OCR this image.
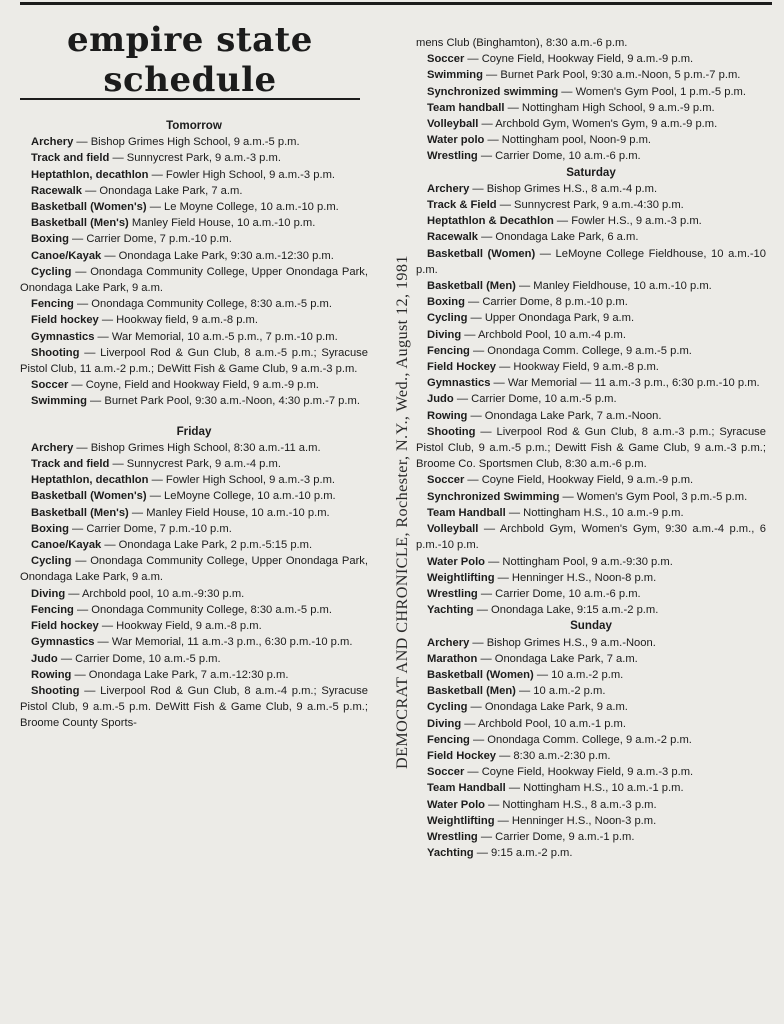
empire state
schedule
Tomorrow
Archery — Bishop Grimes High School, 9 a.m.-5 p.m.
Track and field — Sunnycrest Park, 9 a.m.-3 p.m.
Heptathlon, decathlon — Fowler High School, 9 a.m.-3 p.m.
Racewalk — Onondaga Lake Park, 7 a.m.
Basketball (Women's) — Le Moyne College, 10 a.m.-10 p.m.
Basketball (Men's) Manley Field House, 10 a.m.-10 p.m.
Boxing — Carrier Dome, 7 p.m.-10 p.m.
Canoe/Kayak — Onondaga Lake Park, 9:30 a.m.-12:30 p.m.
Cycling — Onondaga Community College, Upper Onondaga Park, Onondaga Lake Park, 9 a.m.
Fencing — Onondaga Community College, 8:30 a.m.-5 p.m.
Field hockey — Hookway field, 9 a.m.-8 p.m.
Gymnastics — War Memorial, 10 a.m.-5 p.m., 7 p.m.-10 p.m.
Shooting — Liverpool Rod & Gun Club, 8 a.m.-5 p.m.; Syracuse Pistol Club, 11 a.m.-2 p.m.; DeWitt Fish & Game Club, 9 a.m.-3 p.m.
Soccer — Coyne, Field and Hookway Field, 9 a.m.-9 p.m.
Swimming — Burnet Park Pool, 9:30 a.m.-Noon, 4:30 p.m.-7 p.m.
Friday
Archery — Bishop Grimes High School, 8:30 a.m.-11 a.m.
Track and field — Sunnycrest Park, 9 a.m.-4 p.m.
Heptathlon, decathlon — Fowler High School, 9 a.m.-3 p.m.
Basketball (Women's) — LeMoyne College, 10 a.m.-10 p.m.
Basketball (Men's) — Manley Field House, 10 a.m.-10 p.m.
Boxing — Carrier Dome, 7 p.m.-10 p.m.
Canoe/Kayak — Onondaga Lake Park, 2 p.m.-5:15 p.m.
Cycling — Onondaga Community College, Upper Onondaga Park, Onondaga Lake Park, 9 a.m.
Diving — Archbold pool, 10 a.m.-9:30 p.m.
Fencing — Onondaga Community College, 8:30 a.m.-5 p.m.
Field hockey — Hookway Field, 9 a.m.-8 p.m.
Gymnastics — War Memorial, 11 a.m.-3 p.m., 6:30 p.m.-10 p.m.
Judo — Carrier Dome, 10 a.m.-5 p.m.
Rowing — Onondaga Lake Park, 7 a.m.-12:30 p.m.
Shooting — Liverpool Rod & Gun Club, 8 a.m.-4 p.m.; Syracuse Pistol Club, 9 a.m.-5 p.m. DeWitt Fish & Game Club, 9 a.m.-5 p.m.; Broome County Sports-
mens Club (Binghamton), 8:30 a.m.-6 p.m.
Soccer — Coyne Field, Hookway Field, 9 a.m.-9 p.m.
Swimming — Burnet Park Pool, 9:30 a.m.-Noon, 5 p.m.-7 p.m.
Synchronized swimming — Women's Gym Pool, 1 p.m.-5 p.m.
Team handball — Nottingham High School, 9 a.m.-9 p.m.
Volleyball — Archbold Gym, Women's Gym, 9 a.m.-9 p.m.
Water polo — Nottingham pool, Noon-9 p.m.
Wrestling — Carrier Dome, 10 a.m.-6 p.m.
Saturday
Archery — Bishop Grimes H.S., 8 a.m.-4 p.m.
Track & Field — Sunnycrest Park, 9 a.m.-4:30 p.m.
Heptathlon & Decathlon — Fowler H.S., 9 a.m.-3 p.m.
Racewalk — Onondaga Lake Park, 6 a.m.
Basketball (Women) — LeMoyne College Fieldhouse, 10 a.m.-10 p.m.
Basketball (Men) — Manley Fieldhouse, 10 a.m.-10 p.m.
Boxing — Carrier Dome, 8 p.m.-10 p.m.
Cycling — Upper Onondaga Park, 9 a.m.
Diving — Archbold Pool, 10 a.m.-4 p.m.
Fencing — Onondaga Comm. College, 9 a.m.-5 p.m.
Field Hockey — Hookway Field, 9 a.m.-8 p.m.
Gymnastics — War Memorial — 11 a.m.-3 p.m., 6:30 p.m.-10 p.m.
Judo — Carrier Dome, 10 a.m.-5 p.m.
Rowing — Onondaga Lake Park, 7 a.m.-Noon.
Shooting — Liverpool Rod & Gun Club, 8 a.m.-3 p.m.; Syracuse Pistol Club, 9 a.m.-5 p.m.; Dewitt Fish & Game Club, 9 a.m.-3 p.m.; Broome Co. Sportsmen Club, 8:30 a.m.-6 p.m.
Soccer — Coyne Field, Hookway Field, 9 a.m.-9 p.m.
Synchronized Swimming — Women's Gym Pool, 3 p.m.-5 p.m.
Team Handball — Nottingham H.S., 10 a.m.-9 p.m.
Volleyball — Archbold Gym, Women's Gym, 9:30 a.m.-4 p.m., 6 p.m.-10 p.m.
Water Polo — Nottingham Pool, 9 a.m.-9:30 p.m.
Weightlifting — Henninger H.S., Noon-8 p.m.
Wrestling — Carrier Dome, 10 a.m.-6 p.m.
Yachting — Onondaga Lake, 9:15 a.m.-2 p.m.
Sunday
Archery — Bishop Grimes H.S., 9 a.m.-Noon.
Marathon — Onondaga Lake Park, 7 a.m.
Basketball (Women) — 10 a.m.-2 p.m.
Basketball (Men) — 10 a.m.-2 p.m.
Cycling — Onondaga Lake Park, 9 a.m.
Diving — Archbold Pool, 10 a.m.-1 p.m.
Fencing — Onondaga Comm. College, 9 a.m.-2 p.m.
Field Hockey — 8:30 a.m.-2:30 p.m.
Soccer — Coyne Field, Hookway Field, 9 a.m.-3 p.m.
Team Handball — Nottingham H.S., 10 a.m.-1 p.m.
Water Polo — Nottingham H.S., 8 a.m.-3 p.m.
Weightlifting — Henninger H.S., Noon-3 p.m.
Wrestling — Carrier Dome, 9 a.m.-1 p.m.
Yachting — 9:15 a.m.-2 p.m.
DEMOCRAT AND CHRONICLE, Rochester, N.Y., Wed., August 12, 1981
